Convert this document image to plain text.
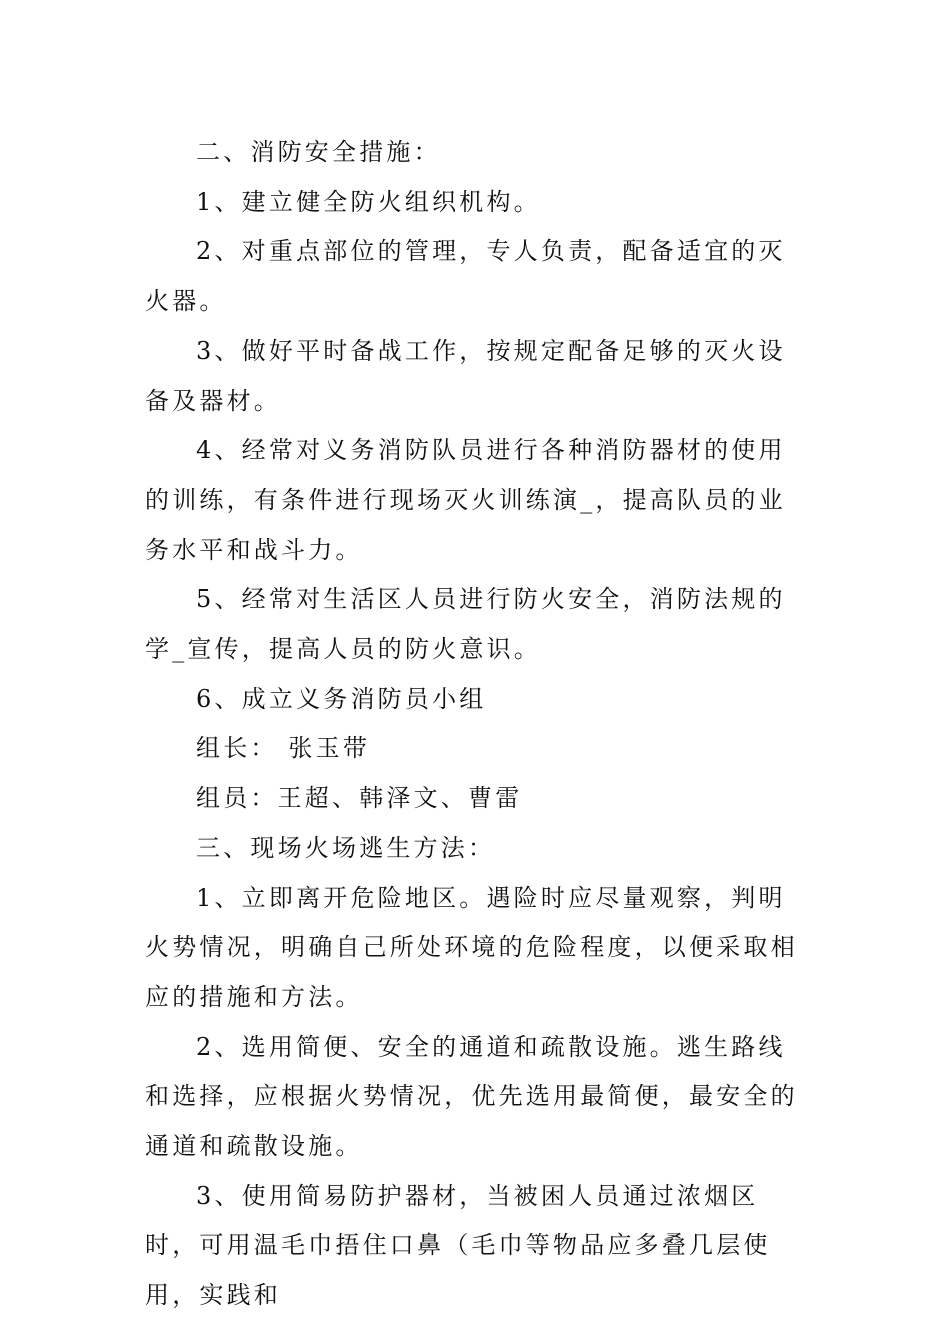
二、消防安全措施：

1、建立健全防火组织机构。

2、对重点部位的管理，专人负责，配备适宜的灭火器。

3、做好平时备战工作，按规定配备足够的灭火设备及器材。

4、经常对义务消防队员进行各种消防器材的使用的训练，有条件进行现场灭火训练演_，提高队员的业务水平和战斗力。

5、经常对生活区人员进行防火安全，消防法规的学_宣传，提高人员的防火意识。

6、成立义务消防员小组

组长： 张玉带

组员：王超、韩泽文、曹雷

三、现场火场逃生方法：

1、立即离开危险地区。遇险时应尽量观察，判明火势情况，明确自己所处环境的危险程度，以便采取相应的措施和方法。

2、选用简便、安全的通道和疏散设施。逃生路线和选择，应根据火势情况，优先选用最简便，最安全的通道和疏散设施。

3、使用简易防护器材，当被困人员通过浓烟区时，可用温毛巾捂住口鼻（毛巾等物品应多叠几层使用，实践和
